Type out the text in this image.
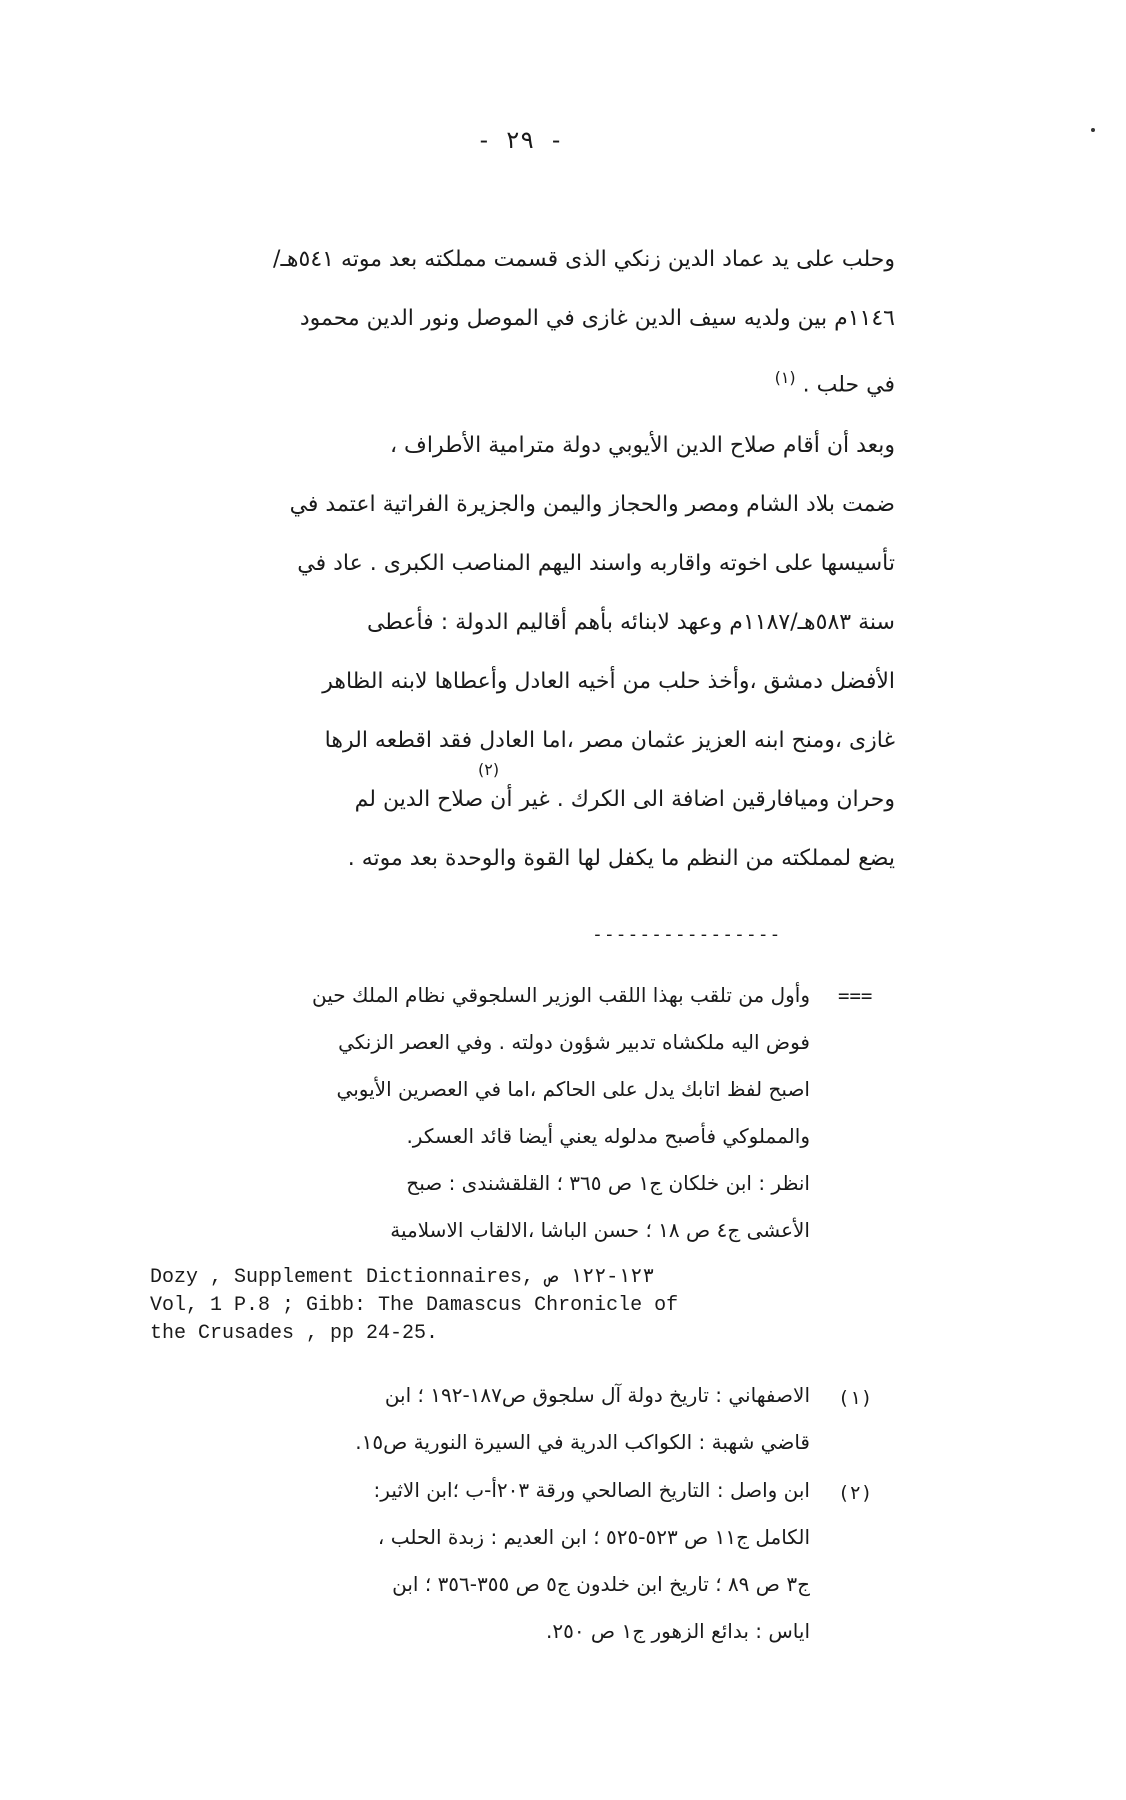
- ٢٩ -
وحلب على يد عماد الدين زنكي الذى قسمت مملكته بعد موته ٥٤١هـ/
١١٤٦م بين ولديه سيف الدين غازى في الموصل ونور الدين محمود
في حلب . $^{(١)}$
وبعد أن أقام صلاح الدين الأيوبي دولة مترامية الأطراف ،
ضمت بلاد الشام ومصر والحجاز واليمن والجزيرة الفراتية اعتمد في
تأسيسها على اخوته واقاربه واسند اليهم المناصب الكبرى . عاد في
سنة ٥٨٣هـ/١١٨٧م وعهد لابنائه بأهم أقاليم الدولة : فأعطى
الأفضل دمشق ،وأخذ حلب من أخيه العادل وأعطاها لابنه الظاهر
غازى ،ومنح ابنه العزيز عثمان مصر ،اما العادل فقد اقطعه الرها
وحران وميافارقين اضافة الى الكرك . غير أن صلاح الدين لم
يضع لمملكته من النظم ما يكفل لها القوة والوحدة بعد موته .
(٢)
----------------
===
وأول من تلقب بهذا اللقب الوزير السلجوقي نظام الملك حين
فوض اليه ملكشاه تدبير شؤون دولته . وفي العصر الزنكي
اصبح لفظ اتابك يدل على الحاكم ،اما في العصرين الأيوبي
والمملوكي فأصبح مدلوله يعني أيضا قائد العسكر.
انظر : ابن خلكان ج١ ص ٣٦٥ ؛ القلقشندى : صبح
الأعشى ج٤ ص ١٨ ؛ حسن الباشا ،الالقاب الاسلامية
Dozy , Supplement Dictionnaires, ١٢٣-١٢٢ ص
Vol, 1 P.8 ; Gibb: The Damascus Chronicle of
the Crusades , pp 24-25.
(١)
الاصفهاني : تاريخ دولة آل سلجوق ص١٨٧-١٩٢ ؛ ابن
قاضي شهبة : الكواكب الدرية في السيرة النورية ص١٥.
(٢)
ابن واصل : التاريخ الصالحي ورقة ٢٠٣أ-ب ؛ابن الاثير:
الكامل ج١١ ص ٥٢٣-٥٢٥ ؛ ابن العديم : زبدة الحلب ،
ج٣ ص ٨٩ ؛ تاريخ ابن خلدون ج٥ ص ٣٥٥-٣٥٦ ؛ ابن
اياس : بدائع الزهور ج١ ص ٢٥٠.
